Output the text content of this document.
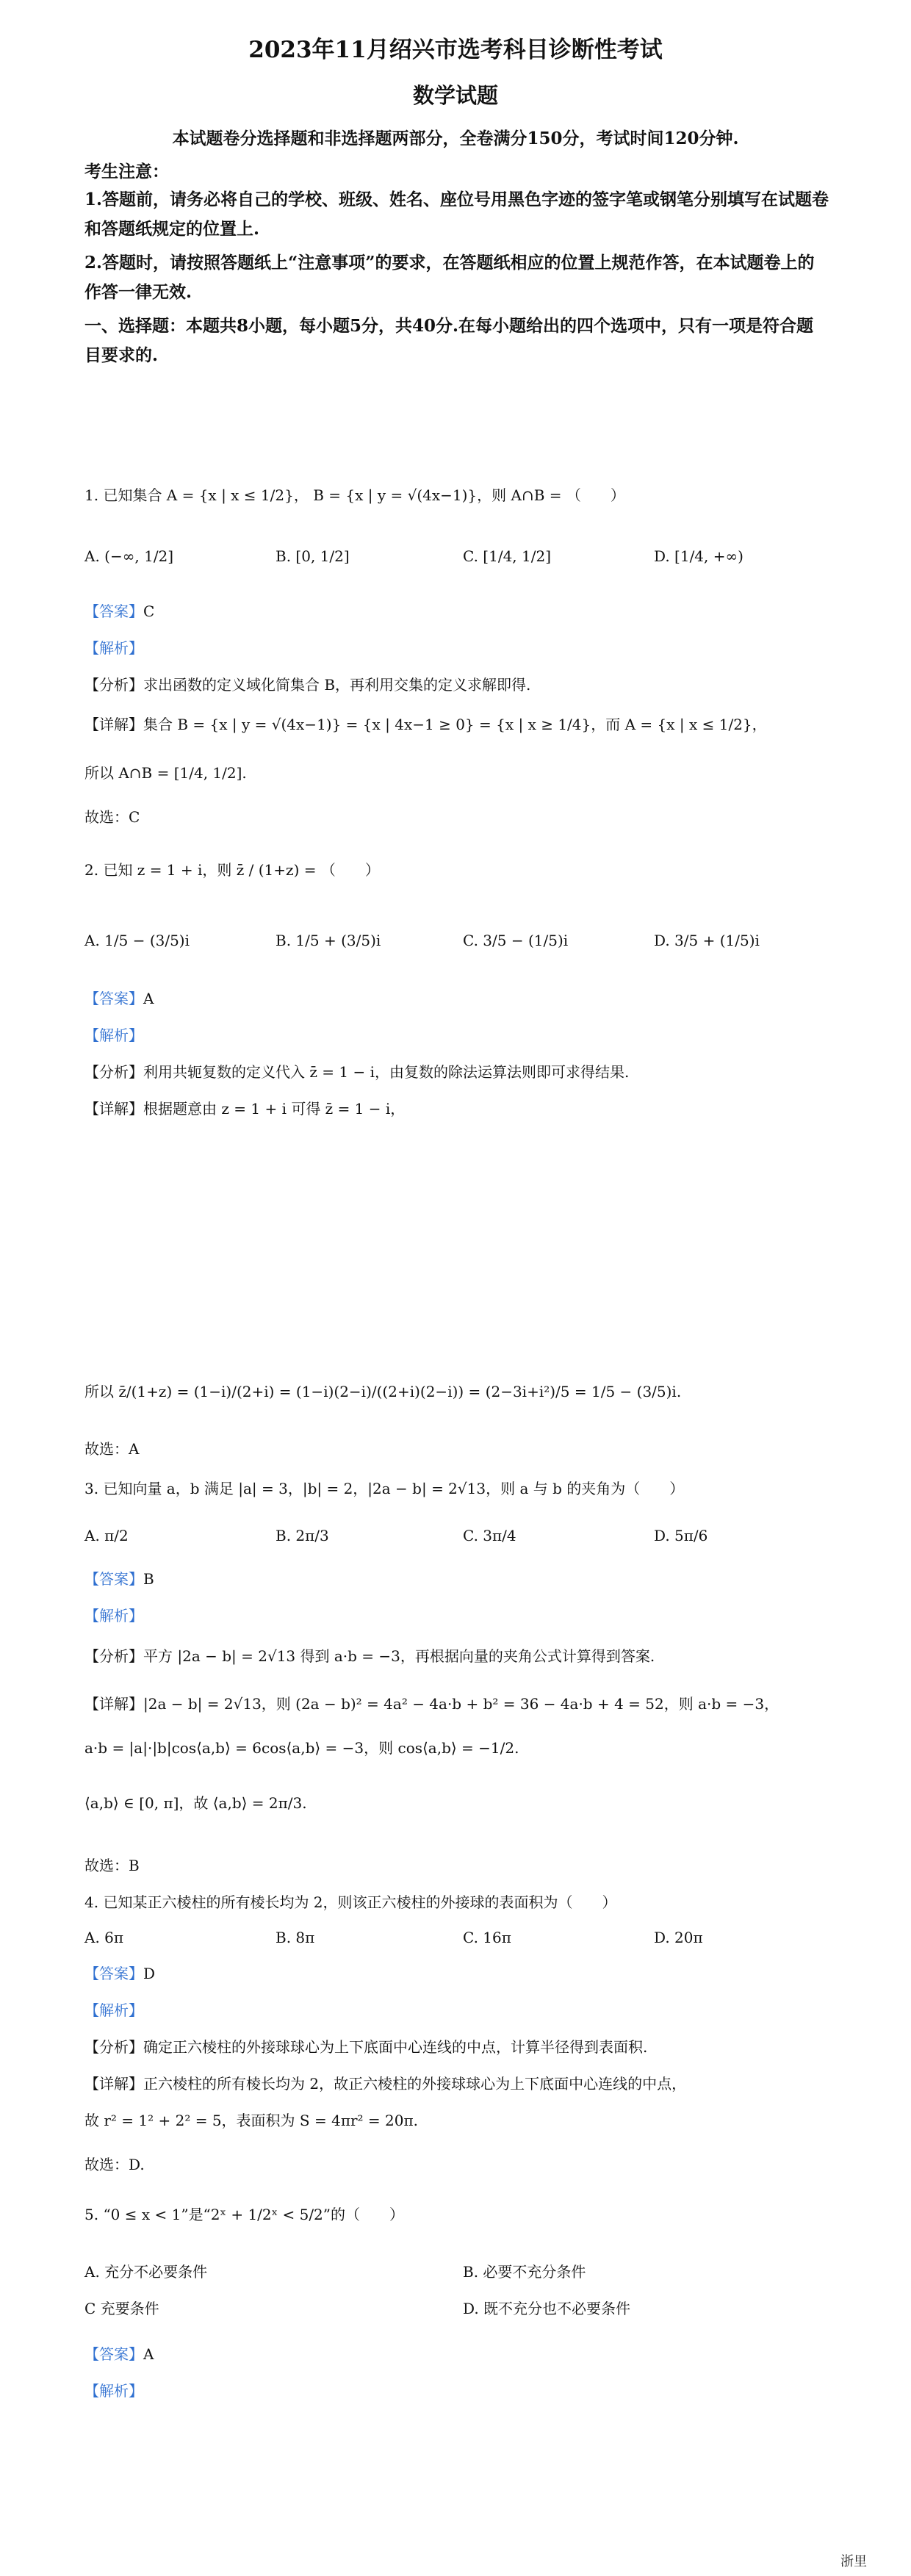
2023年11月绍兴市选考科目诊断性考试
数学试题
本试题卷分选择题和非选择题两部分，全卷满分150分，考试时间120分钟.
考生注意：
1.答题前，请务必将自己的学校、班级、姓名、座位号用黑色字迹的签字笔或钢笔分别填写在试题卷和答题纸规定的位置上.
2.答题时，请按照答题纸上“注意事项”的要求，在答题纸相应的位置上规范作答，在本试题卷上的作答一律无效.
一、选择题：本题共8小题，每小题5分，共40分.在每小题给出的四个选项中，只有一项是符合题目要求的.
1. 已知集合 A = {x | x ≤ 1/2}， B = {x | y = √(4x−1)}，则 A∩B = （　　）
A. (−∞, 1/2]	B. [0, 1/2]	C. [1/4, 1/2]	D. [1/4, +∞)
【答案】C
【解析】
【分析】求出函数的定义域化简集合 B，再利用交集的定义求解即得.
【详解】集合 B = {x | y = √(4x−1)} = {x | 4x−1 ≥ 0} = {x | x ≥ 1/4}，而 A = {x | x ≤ 1/2}，
所以 A∩B = [1/4, 1/2].
故选：C
2. 已知 z = 1 + i，则 z̄ / (1+z) = （　　）
A. 1/5 − (3/5)i	B. 1/5 + (3/5)i	C. 3/5 − (1/5)i	D. 3/5 + (1/5)i
【答案】A
【解析】
【分析】利用共轭复数的定义代入 z̄ = 1 − i，由复数的除法运算法则即可求得结果.
【详解】根据题意由 z = 1 + i 可得 z̄ = 1 − i，
所以 z̄/(1+z) = (1−i)/(2+i) = (1−i)(2−i)/((2+i)(2−i)) = (2−3i+i²)/5 = 1/5 − (3/5)i.
故选：A
3. 已知向量 a，b 满足 |a| = 3，|b| = 2，|2a − b| = 2√13，则 a 与 b 的夹角为（　　）
A. π/2	B. 2π/3	C. 3π/4	D. 5π/6
【答案】B
【解析】
【分析】平方 |2a − b| = 2√13 得到 a·b = −3，再根据向量的夹角公式计算得到答案.
【详解】|2a − b| = 2√13，则 (2a − b)² = 4a² − 4a·b + b² = 36 − 4a·b + 4 = 52，则 a·b = −3，
a·b = |a|·|b|cos⟨a,b⟩ = 6cos⟨a,b⟩ = −3，则 cos⟨a,b⟩ = −1/2.
⟨a,b⟩ ∈ [0, π]，故 ⟨a,b⟩ = 2π/3.
故选：B
4. 已知某正六棱柱的所有棱长均为 2，则该正六棱柱的外接球的表面积为（　　）
A. 6π	B. 8π	C. 16π	D. 20π
【答案】D
【解析】
【分析】确定正六棱柱的外接球球心为上下底面中心连线的中点，计算半径得到表面积.
【详解】正六棱柱的所有棱长均为 2，故正六棱柱的外接球球心为上下底面中心连线的中点，
故 r² = 1² + 2² = 5，表面积为 S = 4πr² = 20π.
故选：D.
5. “0 ≤ x < 1”是“2ˣ + 1/2ˣ < 5/2”的（　　）
A. 充分不必要条件	B. 必要不充分条件
C 充要条件	D. 既不充分也不必要条件
【答案】A
【解析】
浙里
